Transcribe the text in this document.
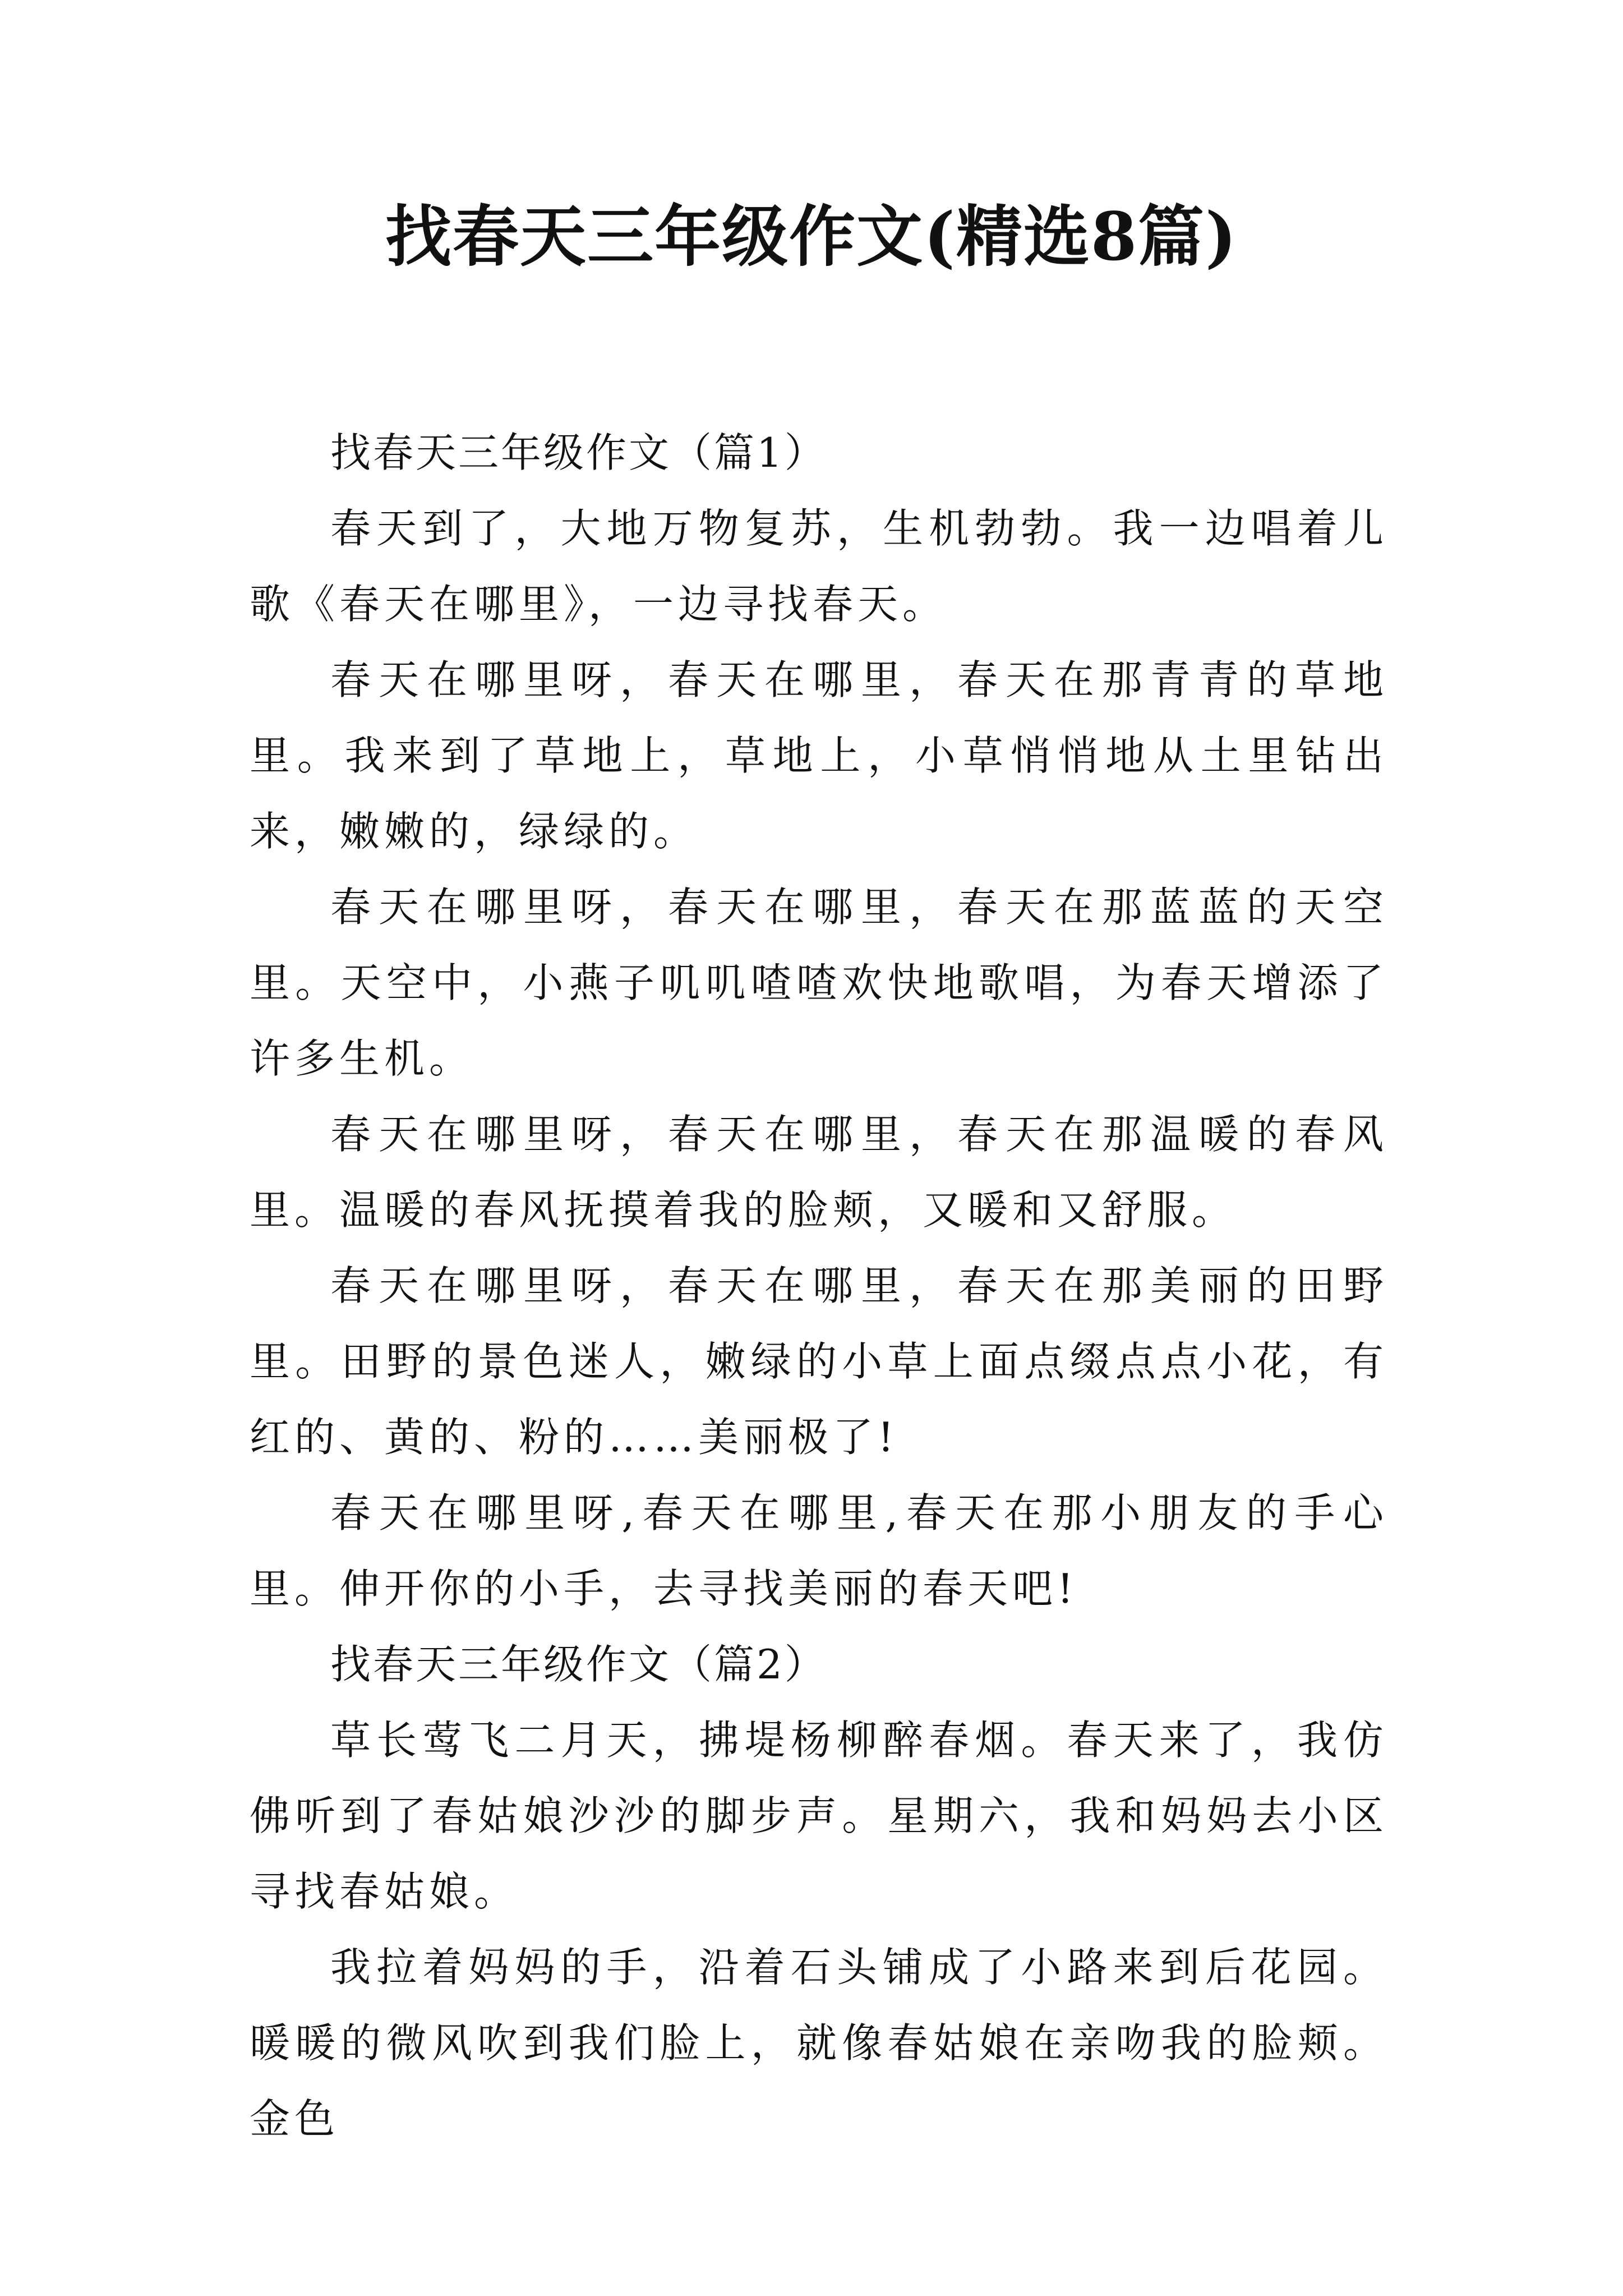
找春天三年级作文(精选8篇)

找春天三年级作文（篇1）

春天到了，大地万物复苏，生机勃勃。我一边唱着儿歌《春天在哪里》，一边寻找春天。

春天在哪里呀，春天在哪里，春天在那青青的草地里。我来到了草地上，草地上，小草悄悄地从土里钻出来，嫩嫩的，绿绿的。

春天在哪里呀，春天在哪里，春天在那蓝蓝的天空里。天空中，小燕子叽叽喳喳欢快地歌唱，为春天增添了许多生机。

春天在哪里呀，春天在哪里，春天在那温暖的春风里。温暖的春风抚摸着我的脸颊，又暖和又舒服。

春天在哪里呀，春天在哪里，春天在那美丽的田野里。田野的景色迷人，嫩绿的小草上面点缀点点小花，有红的、黄的、粉的……美丽极了!

春天在哪里呀,春天在哪里,春天在那小朋友的手心里。伸开你的小手，去寻找美丽的春天吧!

找春天三年级作文（篇2）

草长莺飞二月天，拂堤杨柳醉春烟。春天来了，我仿佛听到了春姑娘沙沙的脚步声。星期六，我和妈妈去小区寻找春姑娘。

我拉着妈妈的手，沿着石头铺成了小路来到后花园。暖暖的微风吹到我们脸上，就像春姑娘在亲吻我的脸颊。金色
